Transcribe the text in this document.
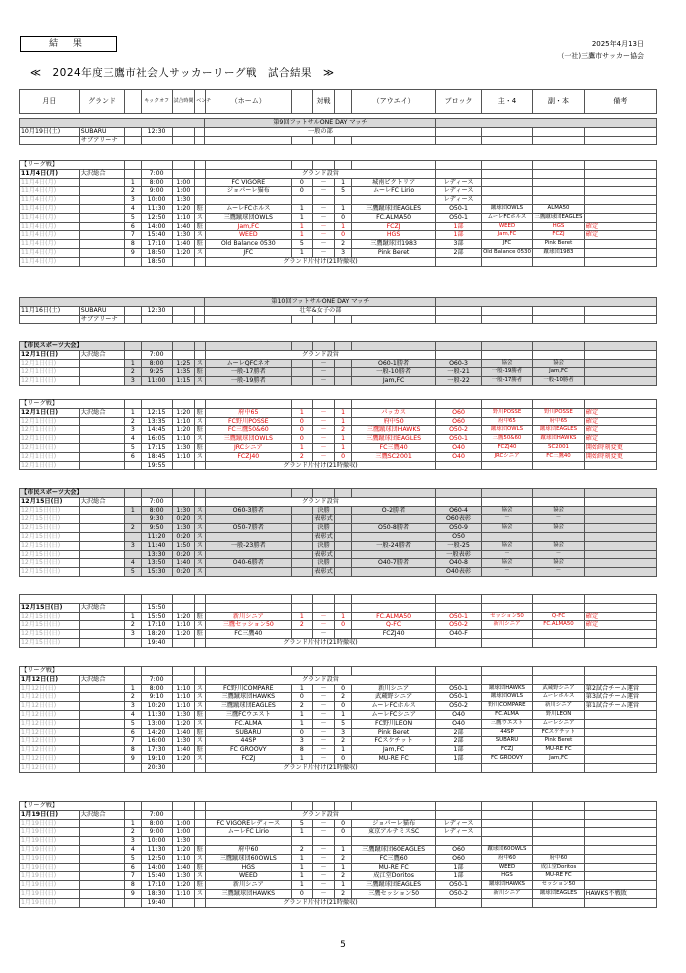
結 果	2025年4月13日
（一社)三鷹市サッカー協会
≪　2024年度三鷹市社会人サッカーリーグ戦　試合結果　≫
月日	グランド		キックオフ	試合時間	ベンチ	（ホーム）		対戦		（アウエイ）	ブロック	主・4	副・本	備考
						第9回フットサルONE DAY マッチ								
10月19日(土)	SUBARU		12:30			一般の部								
	サブアリーナ													
【リーグ戦】														
11月4日(月)	大沢総合		7:00			グランド設営								
11月4日(月)		1	8:00	1:00		FC VIGORE	0	－	1	城南ピクトリア	レディース			
11月4日(月)		2	9:00	1:00		ジョパーレ猫布	0	－	5	ムーレFC Lirio	レディース			
11月4日(月)		3	10:00	1:30							レディース			
11月4日(月)		4	11:30	1:20	駐	ムーレFCホルス	1	－	1	三鷹蹴球団EAGLES	O50-1	蹴球団OWLS	ALMA50	
11月4日(月)		5	12:50	1:10	ス	三鷹蹴球団OWLS	1	－	0	FC.ALMA50	O50-1	ムーレFCホルス	三鷹蹴球団EAGLES	
11月4日(月)		6	14:00	1:40	駐	Jam,FC	1	－	1	FCZJ	1部	WEED	HGS	確定
11月4日(月)		7	15:40	1:30	ス	WEED	1	－	0	HGS	1部	Jam,FC	FCZJ	確定
11月4日(月)		8	17:10	1:40	駐	Old Balance 0530	5	－	2	三鷹蹴球団1983	3部	JFC	Pink Beret	
11月4日(月)		9	18:50	1:20	ス	JFC	1	－	3	Pink Beret	2部	Old Balance 0530	蹴球団1983	
11月4日(月)			18:50			グランド片付け(21時撤収)								
						第10回フットサルONE DAY マッチ								
11月16日(土)	SUBARU		12:30			壮年&女子の部								
	サブアリーナ													
【市民スポーツ大会】														
12月1日(日)	大沢総合		7:00			グランド設営								
12月1日(日)		1	8:00	1:25	ス	ムーレQFCネオ		－		O60-1勝者	O60-3	協会	協会	
12月1日(日)		2	9:25	1:35	駐	一般-17勝者		－		一般-10勝者	一般-21	一般-19勝者	Jam,FC	
12月1日(日)		3	11:00	1:15	ス	一般-19勝者		－		Jam,FC	一般-22	一般-17勝者	一般-10勝者	
【リーグ戦】														
12月1日(日)	大沢総合	1	12:15	1:20	駐	府中65	1	－	1	パッカス	O60	野川POSSE	野川POSSE	確定
12月1日(日)		2	13:35	1:10	ス	FC野川POSSE	0	－	1	府中50	O60	府中65	府中65	確定
12月1日(日)		3	14:45	1:20	駐	FC三鷹50&60	0	－	2	三鷹蹴球団HAWKS	O50-2	蹴球団OWLS	蹴球団EAGLES	確定
12月1日(日)		4	16:05	1:10	ス	三鷹蹴球団OWLS	0	－	1	三鷹蹴球団EAGLES	O50-1	三鷹50&60	蹴球団HAWKS	確定
12月1日(日)		5	17:15	1:30	駐	JRCシニア	1	－	1	FC三鷹40	O40	FCZJ40	SC2001	開始時刻変更
12月1日(日)		6	18:45	1:10	ス	FCZJ40	2	－	0	三鷹SC2001	O40	JRCシニア	FC三鷹40	開始時刻変更
12月1日(日)			19:55			グランド片付け(21時撤収)								
【市民スポーツ大会】														
12月15日(日)	大沢総合		7:00			グランド設営								
12月15日(日)		1	8:00	1:30	ス	O60-3勝者		決勝		O-2勝者	O60-4	協会	協会	
12月15日(日)			9:30	0:20	ス			表彰式			O60表彰	－	－	
12月15日(日)		2	9:50	1:30	ス	O50-7勝者		決勝		O50-8勝者	O50-9	協会	協会	
12月15日(日)			11:20	0:20	ス			表彰式			O50			
12月15日(日)		3	11:40	1:50	ス	一般-23勝者		決勝		一般-24勝者	一般-25	協会	協会	
12月15日(日)			13:30	0:20	ス			表彰式			一般表彰	－	－	
12月15日(日)		4	13:50	1:40	ス	O40-6勝者		決勝		O40-7勝者	O40-8	協会	協会	
12月15日(日)		5	15:30	0:20	ス			表彰式			O40表彰	－	－	

12月15日(日)	大沢総合		15:50											
12月15日(日)		1	15:50	1:20	駐	新川シニア	1	－	1	FC.ALMA50	O50-1	セッション50	Q-FC	確定
12月15日(日)		2	17:10	1:10	ス	三鷹セッション50	2	－	0	Q-FC	O50-2	新川シニア	FC.ALMA50	確定
12月15日(日)		3	18:20	1:20	駐	FC三鷹40		－		FCZJ40	O40-F			
12月15日(日)			19:40			グランド片付け(21時撤収)								
【リーグ戦】														
1月12日(日)	大沢総合		7:00			グランド設営								
1月12日(日)		1	8:00	1:10	ス	FC野川COMPARE	1	－	0	新川シニア	O50-1	蹴球団HAWKS	武蔵野シニア	第2試合チーム運営
1月12日(日)		2	9:10	1:10	ス	三鷹蹴球団HAWKS	0	－	2	武蔵野シニア	O50-1	蹴球団OWLS	ムーレホルス	第3試合チーム運営
1月12日(日)		3	10:20	1:10	ス	三鷹蹴球団EAGLES	2	－	0	ムーレFCホルス	O50-2	野川COMPARE	新川シニア	第1試合チーム運営
1月12日(日)		4	11:30	1:30	駐	三鷹FCウエスト	1	－	1	ムーレFCシニア	O40	FC.ALMA	野川LEON	
1月12日(日)		5	13:00	1:20	ス	FC.ALMA	1	－	5	FC野川LEON	O40	三鷹ウエスト	ムーレシニア	
1月12日(日)		6	14:20	1:40	駐	SUBARU	0	－	3	Pink Beret	2部	44SP	FCスケチット	
1月12日(日)		7	16:00	1:30	ス	44SP	3	－	2	FCスケチット	2部	SUBARU	Pink Beret	
1月12日(日)		8	17:30	1:40	駐	FC GROOVY	8	－	1	Jam,FC	1部	FCZJ	MU-RE FC	
1月12日(日)		9	19:10	1:20	ス	FCZJ	1	－	0	MU-RE FC	1部	FC GROOVY	Jam,FC	
1月12日(日)			20:30			グランド片付け(21時撤収)								
【リーグ戦】														
1月19日(日)	大沢総合		7:00			グランド設営								
1月19日(日)		1	8:00	1:00		FC VIGOREレディース	5	－	0	ジョパーレ猫布	レディース			
1月19日(日)		2	9:00	1:00		ムーレFC Lirio	1	－	0	東京アルテミスSC	レディース			
1月19日(日)		3	10:00	1:30										
1月19日(日)		4	11:30	1:20	駐	府中60	2	－	1	三鷹蹴球団60EAGLES	O60	蹴球団60OWLS		
1月19日(日)		5	12:50	1:10	ス	三鷹蹴球団60OWLS	1	－	2	FC三鷹60	O60	府中60	府中60	
1月19日(日)		6	14:00	1:40	駐	HGS	1	－	1	MU-RE FC	1部	WEED	成江堂Doritos	
1月19日(日)		7	15:40	1:30	ス	WEED	1	－	2	成江堂Doritos	1部	HGS	MU-RE FC	
1月19日(日)		8	17:10	1:20	駐	新川シニア	1	－	1	三鷹蹴球団EAGLES	O50-1	蹴球団HAWKS	セッション50	
1月19日(日)		9	18:30	1:10	ス	三鷹蹴球団HAWKS	0	－	2	三鷹セッション50	O50-2	新川シニア	蹴球団EAGLES	HAWKS不戦敗
1月19日(日)			19:40			グランド片付け(21時撤収)								
5
